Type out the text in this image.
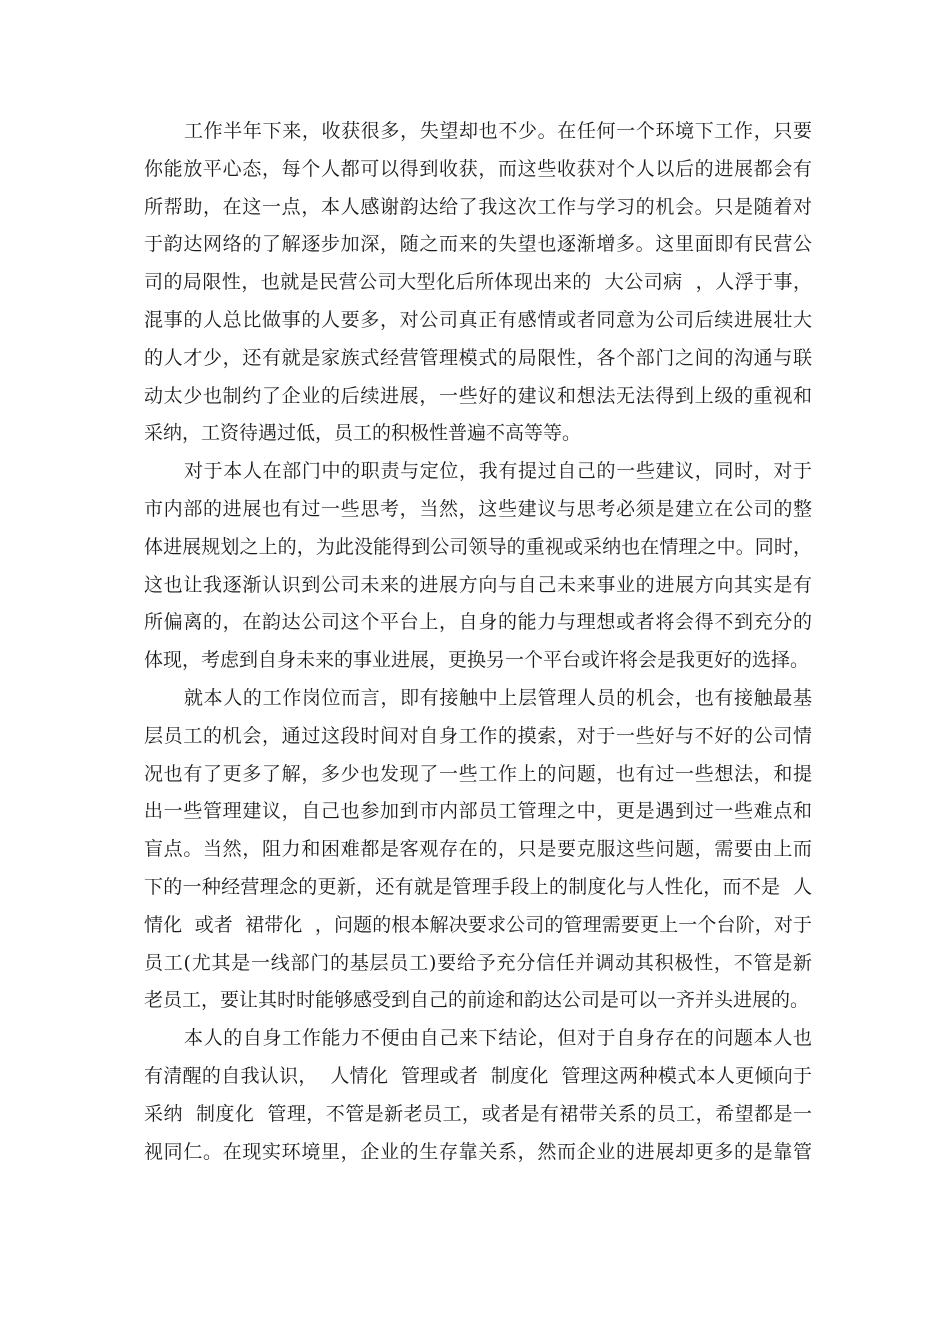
工作半年下来，收获很多，失望却也不少。在任何一个环境下工作，只要
你能放平心态，每个人都可以得到收获，而这些收获对个人以后的进展都会有
所帮助，在这一点，本人感谢韵达给了我这次工作与学习的机会。只是随着对
于韵达网络的了解逐步加深，随之而来的失望也逐渐增多。这里面即有民营公
司的局限性，也就是民营公司大型化后所体现出来的  大公司病  ，人浮于事，
混事的人总比做事的人要多，对公司真正有感情或者同意为公司后续进展壮大
的人才少，还有就是家族式经营管理模式的局限性，各个部门之间的沟通与联
动太少也制约了企业的后续进展，一些好的建议和想法无法得到上级的重视和
采纳，工资待遇过低，员工的积极性普遍不高等等。
对于本人在部门中的职责与定位，我有提过自己的一些建议，同时，对于
市内部的进展也有过一些思考，当然，这些建议与思考必须是建立在公司的整
体进展规划之上的，为此没能得到公司领导的重视或采纳也在情理之中。同时，
这也让我逐渐认识到公司未来的进展方向与自己未来事业的进展方向其实是有
所偏离的，在韵达公司这个平台上，自身的能力与理想或者将会得不到充分的
体现，考虑到自身未来的事业进展，更换另一个平台或许将会是我更好的选择。
就本人的工作岗位而言，即有接触中上层管理人员的机会，也有接触最基
层员工的机会，通过这段时间对自身工作的摸索，对于一些好与不好的公司情
况也有了更多了解，多少也发现了一些工作上的问题，也有过一些想法，和提
出一些管理建议，自己也参加到市内部员工管理之中，更是遇到过一些难点和
盲点。当然，阻力和困难都是客观存在的，只是要克服这些问题，需要由上而
下的一种经营理念的更新，还有就是管理手段上的制度化与人性化，而不是  人
情化  或者  裙带化  ，问题的根本解决要求公司的管理需要更上一个台阶，对于
员工(尤其是一线部门的基层员工)要给予充分信任并调动其积极性，不管是新
老员工，要让其时时能够感受到自己的前途和韵达公司是可以一齐并头进展的。
本人的自身工作能力不便由自己来下结论，但对于自身存在的问题本人也
有清醒的自我认识，  人情化  管理或者  制度化  管理这两种模式本人更倾向于
采纳  制度化  管理，不管是新老员工，或者是有裙带关系的员工，希望都是一
视同仁。在现实环境里，企业的生存靠关系，然而企业的进展却更多的是靠管
